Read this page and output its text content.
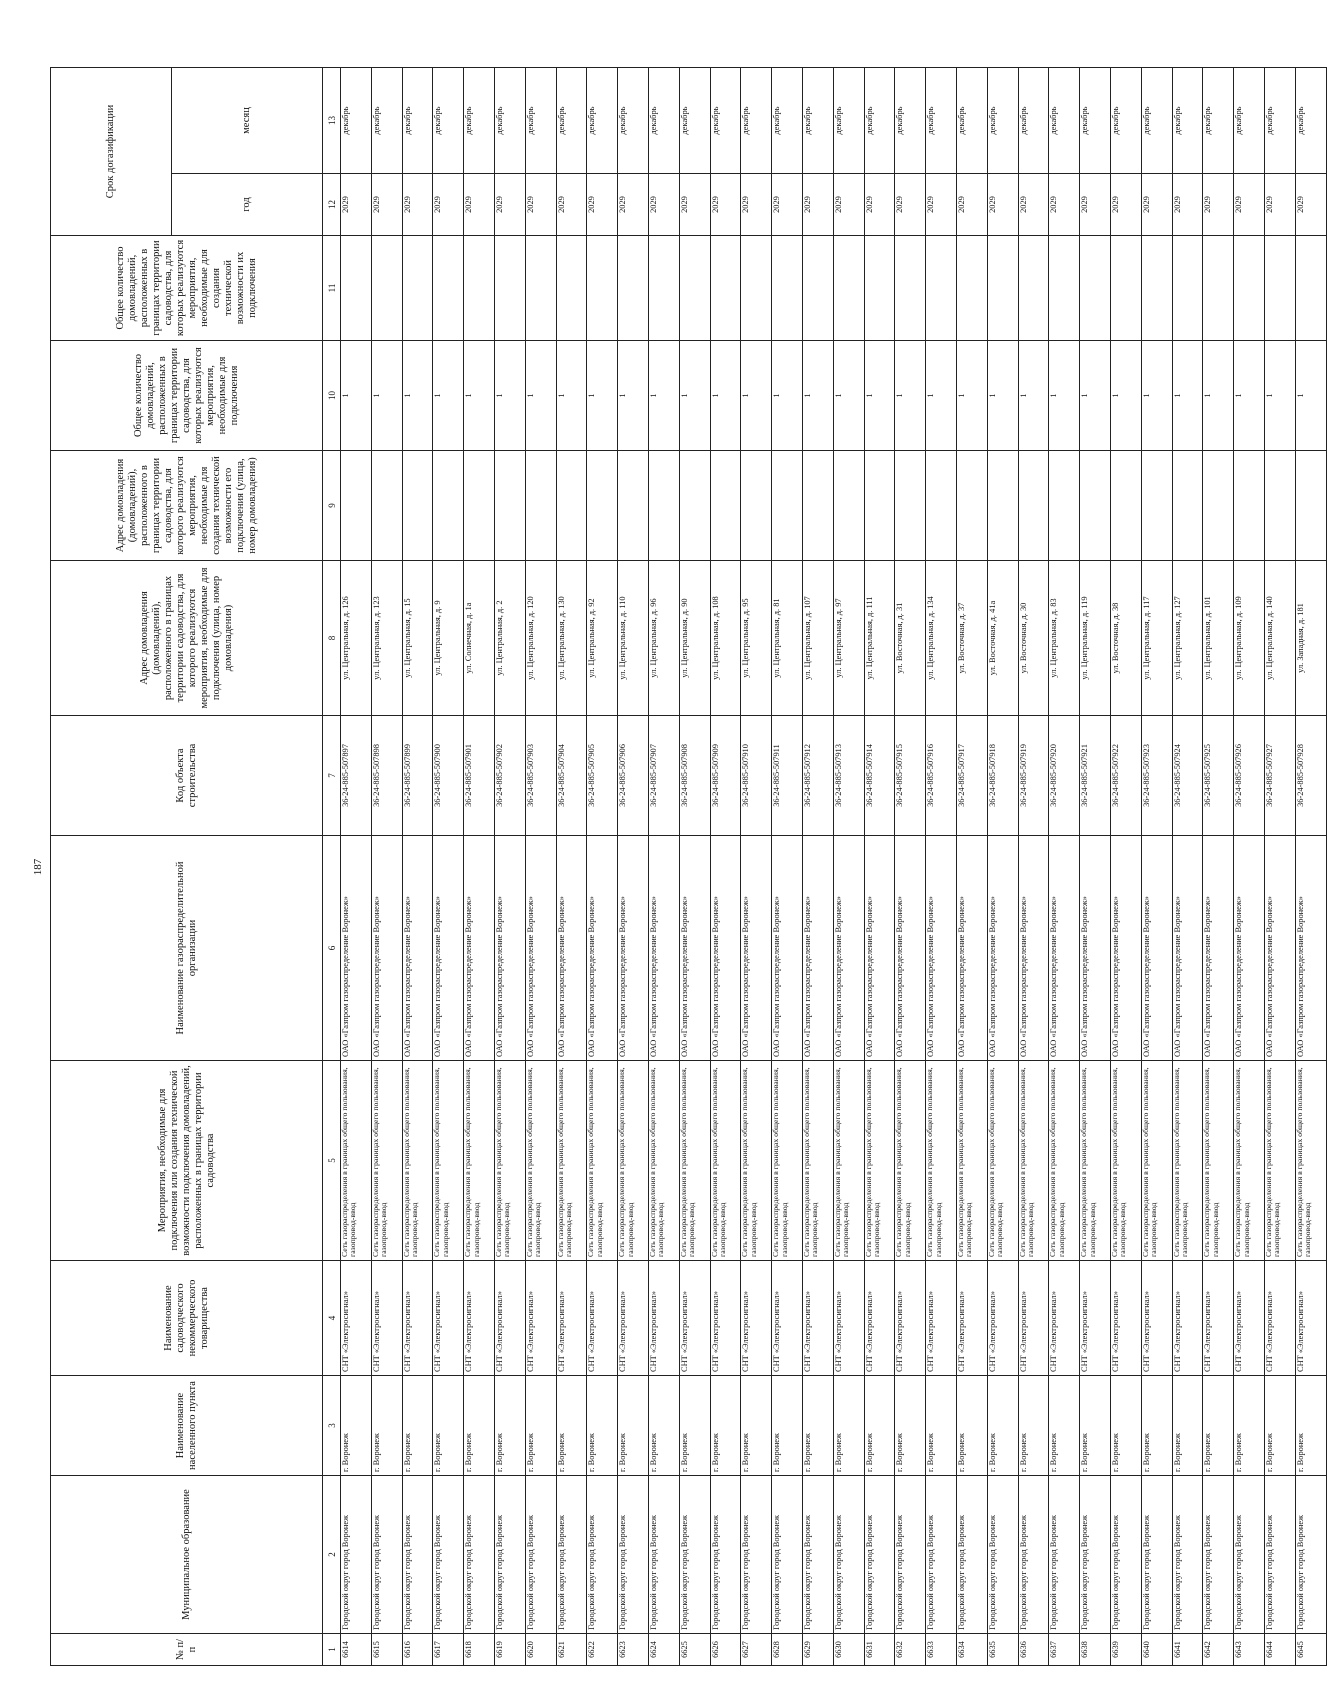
187
№ п/п	Муниципальное образование	Наименование населенного пункта	Наименование садоводческого некоммерческого товарищества	Мероприятия, необходимые для подключения или создания технической возможности подключения домовладений, расположенных в границах территории садоводства	Наименование газораспределительной организации	Код объекта строительства	Адрес домовладения (домовладений), расположенного в границах территории садоводства, для которого реализуются мероприятия, необходимые для подключения (улица, номер домовладения)	Адрес домовладения (домовладений), расположенного в границах территории садоводства, для которого реализуются мероприятия, необходимые для создания технической возможности его подключения (улица, номер домовладения)	Общее количество домовладений, расположенных в границах территории садоводства, для которых реализуются мероприятия, необходимые для подключения	Общее количество домовладений, расположенных в границах территории садоводства, для которых реализуются мероприятия, необходимые для создания технической возможности их подключения	Срок догазификации	
											год	месяц
1	2	3	4	5	6	7	8	9	10	11	12	13
6614	Городской округ город Воронеж	г. Воронеж	СНТ «Электросигнал»	Сеть газораспределения в границах общего пользования, газопровод-ввод	ОАО «Газпром газораспределение Воронеж»	36-24-885-507897	ул. Центральная, д. 126		1		2029	декабрь
6615	Городской округ город Воронеж	г. Воронеж	СНТ «Электросигнал»	Сеть газораспределения в границах общего пользования, газопровод-ввод	ОАО «Газпром газораспределение Воронеж»	36-24-885-507898	ул. Центральная, д. 123		1		2029	декабрь
6616	Городской округ город Воронеж	г. Воронеж	СНТ «Электросигнал»	Сеть газораспределения в границах общего пользования, газопровод-ввод	ОАО «Газпром газораспределение Воронеж»	36-24-885-507899	ул. Центральная, д. 15		1		2029	декабрь
6617	Городской округ город Воронеж	г. Воронеж	СНТ «Электросигнал»	Сеть газораспределения в границах общего пользования, газопровод-ввод	ОАО «Газпром газораспределение Воронеж»	36-24-885-507900	ул. Центральная, д. 9		1		2029	декабрь
6618	Городской округ город Воронеж	г. Воронеж	СНТ «Электросигнал»	Сеть газораспределения в границах общего пользования, газопровод-ввод	ОАО «Газпром газораспределение Воронеж»	36-24-885-507901	ул. Солнечная, д. 1а		1		2029	декабрь
6619	Городской округ город Воронеж	г. Воронеж	СНТ «Электросигнал»	Сеть газораспределения в границах общего пользования, газопровод-ввод	ОАО «Газпром газораспределение Воронеж»	36-24-885-507902	ул. Центральная, д. 2		1		2029	декабрь
6620	Городской округ город Воронеж	г. Воронеж	СНТ «Электросигнал»	Сеть газораспределения в границах общего пользования, газопровод-ввод	ОАО «Газпром газораспределение Воронеж»	36-24-885-507903	ул. Центральная, д. 120		1		2029	декабрь
6621	Городской округ город Воронеж	г. Воронеж	СНТ «Электросигнал»	Сеть газораспределения в границах общего пользования, газопровод-ввод	ОАО «Газпром газораспределение Воронеж»	36-24-885-507904	ул. Центральная, д. 130		1		2029	декабрь
6622	Городской округ город Воронеж	г. Воронеж	СНТ «Электросигнал»	Сеть газораспределения в границах общего пользования, газопровод-ввод	ОАО «Газпром газораспределение Воронеж»	36-24-885-507905	ул. Центральная, д. 92		1		2029	декабрь
6623	Городской округ город Воронеж	г. Воронеж	СНТ «Электросигнал»	Сеть газораспределения в границах общего пользования, газопровод-ввод	ОАО «Газпром газораспределение Воронеж»	36-24-885-507906	ул. Центральная, д. 110		1		2029	декабрь
6624	Городской округ город Воронеж	г. Воронеж	СНТ «Электросигнал»	Сеть газораспределения в границах общего пользования, газопровод-ввод	ОАО «Газпром газораспределение Воронеж»	36-24-885-507907	ул. Центральная, д. 96		1		2029	декабрь
6625	Городской округ город Воронеж	г. Воронеж	СНТ «Электросигнал»	Сеть газораспределения в границах общего пользования, газопровод-ввод	ОАО «Газпром газораспределение Воронеж»	36-24-885-507908	ул. Центральная, д. 90		1		2029	декабрь
6626	Городской округ город Воронеж	г. Воронеж	СНТ «Электросигнал»	Сеть газораспределения в границах общего пользования, газопровод-ввод	ОАО «Газпром газораспределение Воронеж»	36-24-885-507909	ул. Центральная, д. 108		1		2029	декабрь
6627	Городской округ город Воронеж	г. Воронеж	СНТ «Электросигнал»	Сеть газораспределения в границах общего пользования, газопровод-ввод	ОАО «Газпром газораспределение Воронеж»	36-24-885-507910	ул. Центральная, д. 95		1		2029	декабрь
6628	Городской округ город Воронеж	г. Воронеж	СНТ «Электросигнал»	Сеть газораспределения в границах общего пользования, газопровод-ввод	ОАО «Газпром газораспределение Воронеж»	36-24-885-507911	ул. Центральная, д. 81		1		2029	декабрь
6629	Городской округ город Воронеж	г. Воронеж	СНТ «Электросигнал»	Сеть газораспределения в границах общего пользования, газопровод-ввод	ОАО «Газпром газораспределение Воронеж»	36-24-885-507912	ул. Центральная, д. 107		1		2029	декабрь
6630	Городской округ город Воронеж	г. Воронеж	СНТ «Электросигнал»	Сеть газораспределения в границах общего пользования, газопровод-ввод	ОАО «Газпром газораспределение Воронеж»	36-24-885-507913	ул. Центральная, д. 97		1		2029	декабрь
6631	Городской округ город Воронеж	г. Воронеж	СНТ «Электросигнал»	Сеть газораспределения в границах общего пользования, газопровод-ввод	ОАО «Газпром газораспределение Воронеж»	36-24-885-507914	ул. Центральная, д. 111		1		2029	декабрь
6632	Городской округ город Воронеж	г. Воронеж	СНТ «Электросигнал»	Сеть газораспределения в границах общего пользования, газопровод-ввод	ОАО «Газпром газораспределение Воронеж»	36-24-885-507915	ул. Восточная, д. 31		1		2029	декабрь
6633	Городской округ город Воронеж	г. Воронеж	СНТ «Электросигнал»	Сеть газораспределения в границах общего пользования, газопровод-ввод	ОАО «Газпром газораспределение Воронеж»	36-24-885-507916	ул. Центральная, д. 134		1		2029	декабрь
6634	Городской округ город Воронеж	г. Воронеж	СНТ «Электросигнал»	Сеть газораспределения в границах общего пользования, газопровод-ввод	ОАО «Газпром газораспределение Воронеж»	36-24-885-507917	ул. Восточная, д. 37		1		2029	декабрь
6635	Городской округ город Воронеж	г. Воронеж	СНТ «Электросигнал»	Сеть газораспределения в границах общего пользования, газопровод-ввод	ОАО «Газпром газораспределение Воронеж»	36-24-885-507918	ул. Восточная, д. 41а		1		2029	декабрь
6636	Городской округ город Воронеж	г. Воронеж	СНТ «Электросигнал»	Сеть газораспределения в границах общего пользования, газопровод-ввод	ОАО «Газпром газораспределение Воронеж»	36-24-885-507919	ул. Восточная, д. 30		1		2029	декабрь
6637	Городской округ город Воронеж	г. Воронеж	СНТ «Электросигнал»	Сеть газораспределения в границах общего пользования, газопровод-ввод	ОАО «Газпром газораспределение Воронеж»	36-24-885-507920	ул. Центральная, д. 83		1		2029	декабрь
6638	Городской округ город Воронеж	г. Воронеж	СНТ «Электросигнал»	Сеть газораспределения в границах общего пользования, газопровод-ввод	ОАО «Газпром газораспределение Воронеж»	36-24-885-507921	ул. Центральная, д. 119		1		2029	декабрь
6639	Городской округ город Воронеж	г. Воронеж	СНТ «Электросигнал»	Сеть газораспределения в границах общего пользования, газопровод-ввод	ОАО «Газпром газораспределение Воронеж»	36-24-885-507922	ул. Восточная, д. 38		1		2029	декабрь
6640	Городской округ город Воронеж	г. Воронеж	СНТ «Электросигнал»	Сеть газораспределения в границах общего пользования, газопровод-ввод	ОАО «Газпром газораспределение Воронеж»	36-24-885-507923	ул. Центральная, д. 117		1		2029	декабрь
6641	Городской округ город Воронеж	г. Воронеж	СНТ «Электросигнал»	Сеть газораспределения в границах общего пользования, газопровод-ввод	ОАО «Газпром газораспределение Воронеж»	36-24-885-507924	ул. Центральная, д. 127		1		2029	декабрь
6642	Городской округ город Воронеж	г. Воронеж	СНТ «Электросигнал»	Сеть газораспределения в границах общего пользования, газопровод-ввод	ОАО «Газпром газораспределение Воронеж»	36-24-885-507925	ул. Центральная, д. 101		1		2029	декабрь
6643	Городской округ город Воронеж	г. Воронеж	СНТ «Электросигнал»	Сеть газораспределения в границах общего пользования, газопровод-ввод	ОАО «Газпром газораспределение Воронеж»	36-24-885-507926	ул. Центральная, д. 109		1		2029	декабрь
6644	Городской округ город Воронеж	г. Воронеж	СНТ «Электросигнал»	Сеть газораспределения в границах общего пользования, газопровод-ввод	ОАО «Газпром газораспределение Воронеж»	36-24-885-507927	ул. Центральная, д. 140		1		2029	декабрь
6645	Городской округ город Воронеж	г. Воронеж	СНТ «Электросигнал»	Сеть газораспределения в границах общего пользования, газопровод-ввод	ОАО «Газпром газораспределение Воронеж»	36-24-885-507928	ул. Западная, д. 181		1		2029	декабрь
